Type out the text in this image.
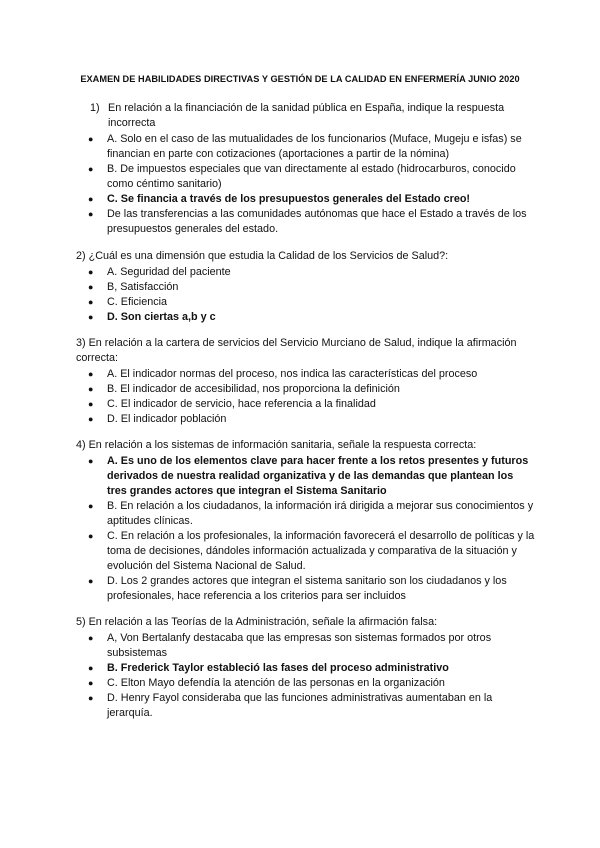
EXAMEN DE HABILIDADES DIRECTIVAS Y GESTIÓN DE LA CALIDAD EN ENFERMERÍA JUNIO 2020

1) En relación a la financiación de la sanidad pública en España, indique la respuesta incorrecta

● A. Solo en el caso de las mutualidades de los funcionarios (Muface, Mugeju e isfas) se financian en parte con cotizaciones (aportaciones a partir de la nómina)
● B. De impuestos especiales que van directamente al estado (hidrocarburos, conocido como céntimo sanitario)
● C. Se financia a través de los presupuestos generales del Estado creo!
● De las transferencias a las comunidades autónomas que hace el Estado a través de los presupuestos generales del estado.

2) ¿Cuál es una dimensión que estudia la Calidad de los Servicios de Salud?:

● A. Seguridad del paciente
● B, Satisfacción
● C. Eficiencia
● D. Son ciertas a,b y c

3) En relación a la cartera de servicios del Servicio Murciano de Salud, indique la afirmación correcta:

● A. El indicador normas del proceso, nos indica las características del proceso
● B. El indicador de accesibilidad, nos proporciona la definición
● C. El indicador de servicio, hace referencia a la finalidad
● D. El indicador población

4) En relación a los sistemas de información sanitaria, señale la respuesta correcta:

● A. Es uno de los elementos clave para hacer frente a los retos presentes y futuros derivados de nuestra realidad organizativa y de las demandas que plantean los tres grandes actores que integran el Sistema Sanitario
● B. En relación a los ciudadanos, la información irá dirigida a mejorar sus conocimientos y aptitudes clínicas.
● C. En relación a los profesionales, la información favorecerá el desarrollo de políticas y la toma de decisiones, dándoles información actualizada y comparativa de la situación y evolución del Sistema Nacional de Salud.
● D. Los 2 grandes actores que integran el sistema sanitario son los ciudadanos y los profesionales, hace referencia a los criterios para ser incluidos

5) En relación a las Teorías de la Administración, señale la afirmación falsa:

● A, Von Bertalanfy destacaba que las empresas son sistemas formados por otros subsistemas
● B. Frederick Taylor estableció las fases del proceso administrativo
● C. Elton Mayo defendía la atención de las personas en la organización
● D. Henry Fayol consideraba que las funciones administrativas aumentaban en la jerarquía.
